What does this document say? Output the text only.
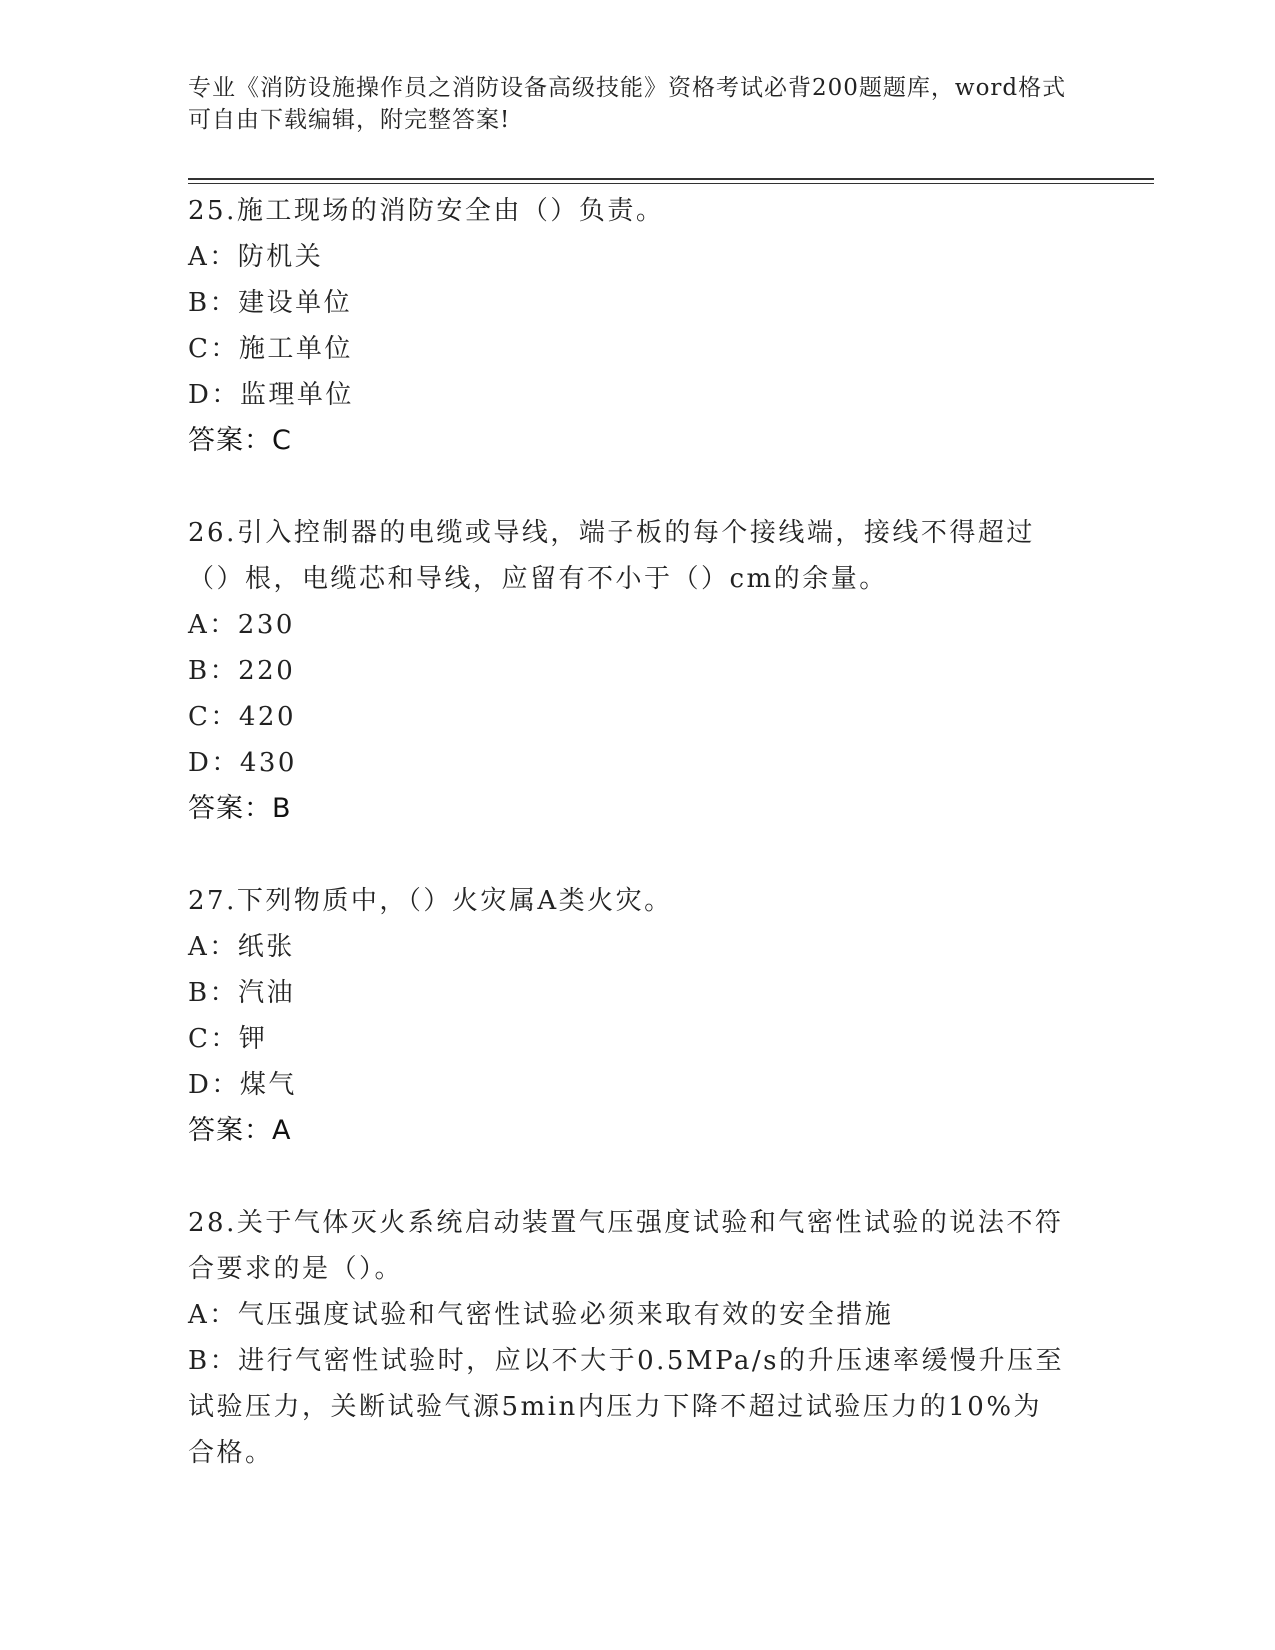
专业《消防设施操作员之消防设备高级技能》资格考试必背200题题库，word格式可自由下载编辑，附完整答案!
25.施工现场的消防安全由（）负责。
A：防机关
B：建设单位
C：施工单位
D：监理单位
答案：C
26.引入控制器的电缆或导线，端子板的每个接线端，接线不得超过（）根，电缆芯和导线，应留有不小于（）cm的余量。
A：230
B：220
C：420
D：430
答案：B
27.下列物质中，（）火灾属A类火灾。
A：纸张
B：汽油
C：钾
D：煤气
答案：A
28.关于气体灭火系统启动装置气压强度试验和气密性试验的说法不符合要求的是（）。
A：气压强度试验和气密性试验必须来取有效的安全措施
B：进行气密性试验时，应以不大于0.5MPa/s的升压速率缓慢升压至试验压力，关断试验气源5min内压力下降不超过试验压力的10%为合格。
